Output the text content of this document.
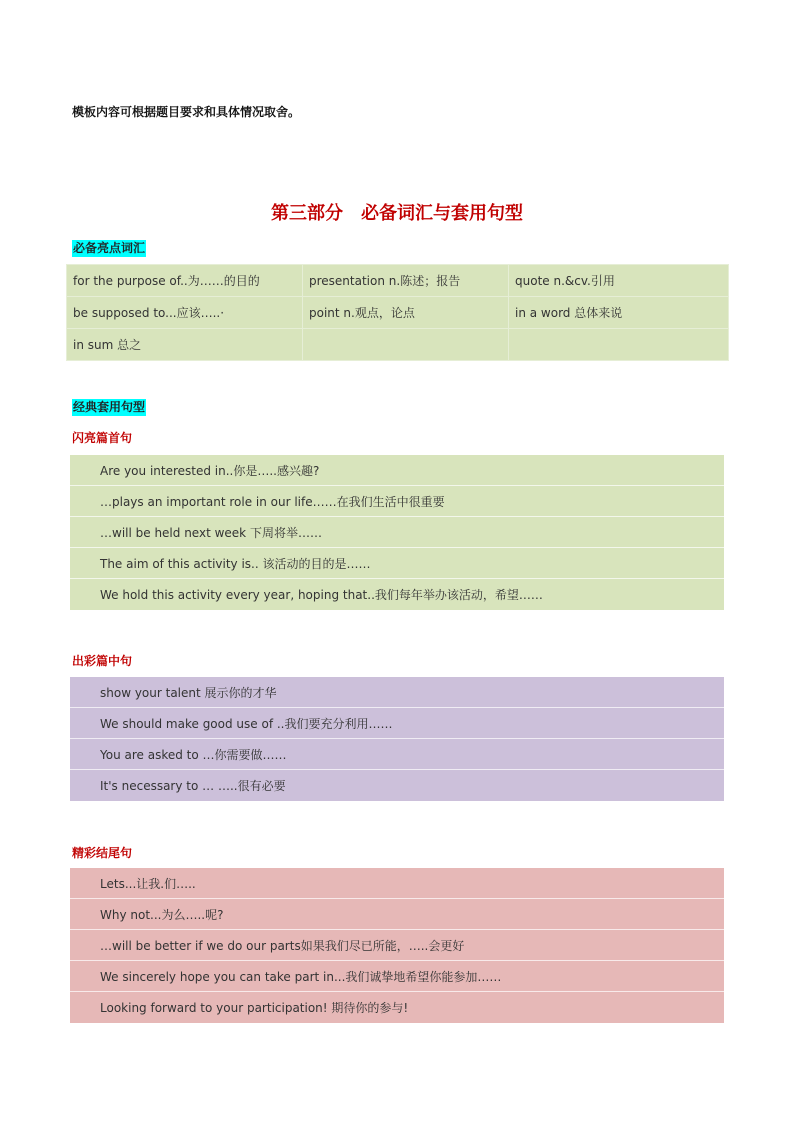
模板内容可根据题目要求和具体情况取舍。
第三部分　必备词汇与套用句型
必备亮点词汇
for the purpose of..为……的目的	presentation n.陈述；报告	quote n.&cv.引用
be supposed to...应该…..·	point n.观点，论点	in a word 总体来说
in sum 总之		
经典套用句型
闪亮篇首句
Are you interested in..你是…..感兴趣?
…plays an important role in our life……在我们生活中很重要
…will be held next week 下周将举……
The aim of this activity is.. 该活动的目的是……
We hold this activity every year, hoping that..我们每年举办该活动，希望……
出彩篇中句
show your talent 展示你的才华
We should make good use of ..我们要充分利用……
You are asked to …你需要做……
It's necessary to … …..很有必要
精彩结尾句
Lets...让我.们…..
Why not...为么…..呢?
…will be better if we do our parts如果我们尽已所能，…..会更好
We sincerely hope you can take part in...我们诚挚地希望你能参加……
Looking forward to your participation! 期待你的参与!
